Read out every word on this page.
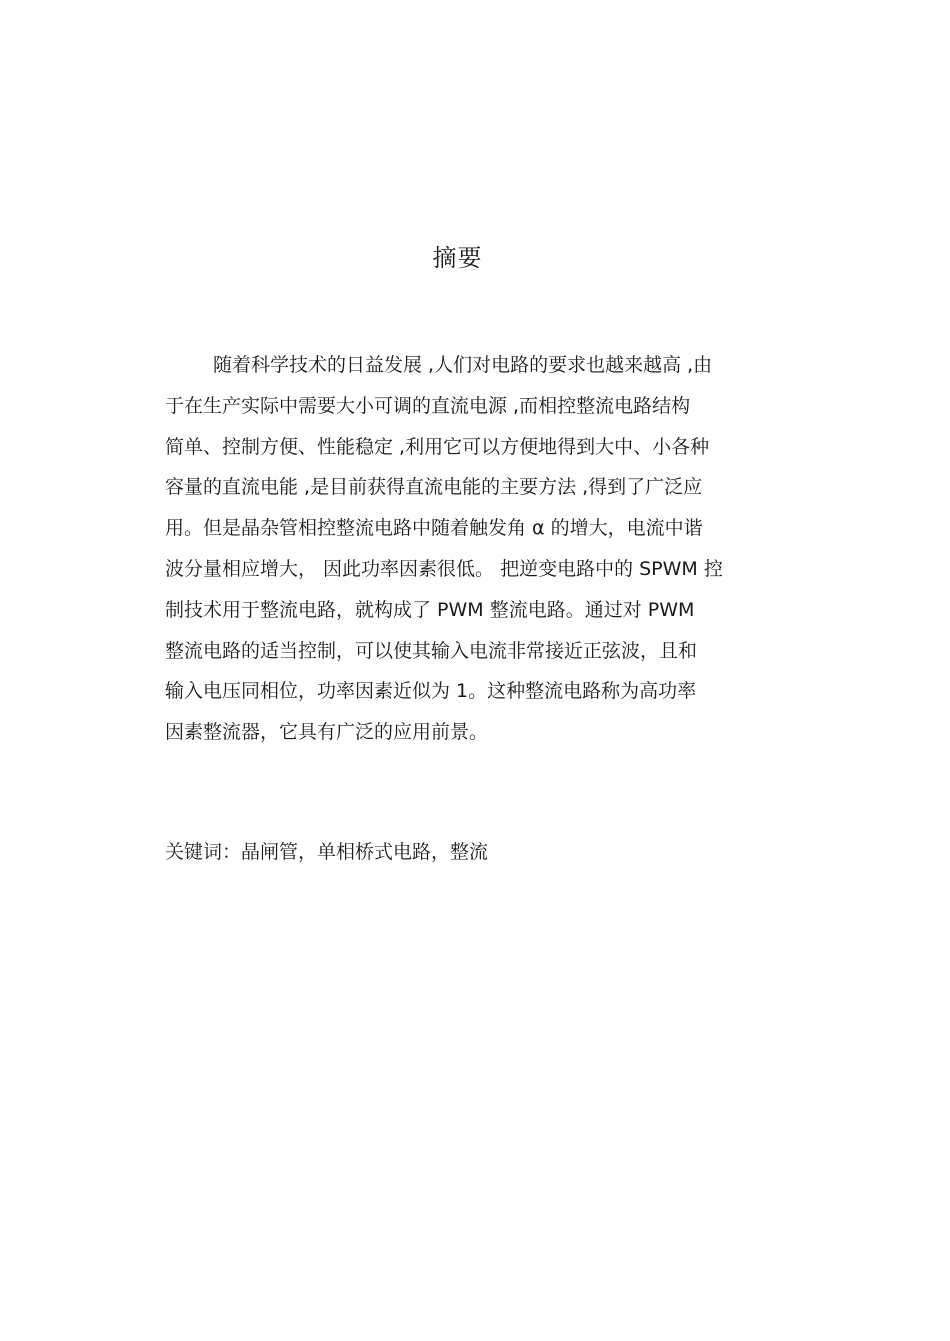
摘要
随着科学技术的日益发展 ,人们对电路的要求也越来越高 ,由
于在生产实际中需要大小可调的直流电源 ,而相控整流电路结构
简单、控制方便、性能稳定 ,利用它可以方便地得到大中、小各种
容量的直流电能 ,是目前获得直流电能的主要方法 ,得到了广泛应
用。但是晶杂管相控整流电路中随着触发角 α 的增大，电流中谐
波分量相应增大， 因此功率因素很低。 把逆变电路中的 SPWM 控
制技术用于整流电路，就构成了 PWM 整流电路。通过对 PWM
整流电路的适当控制，可以使其输入电流非常接近正弦波，且和
输入电压同相位，功率因素近似为 1。这种整流电路称为高功率
因素整流器，它具有广泛的应用前景。
关键词：晶闸管，单相桥式电路，整流
